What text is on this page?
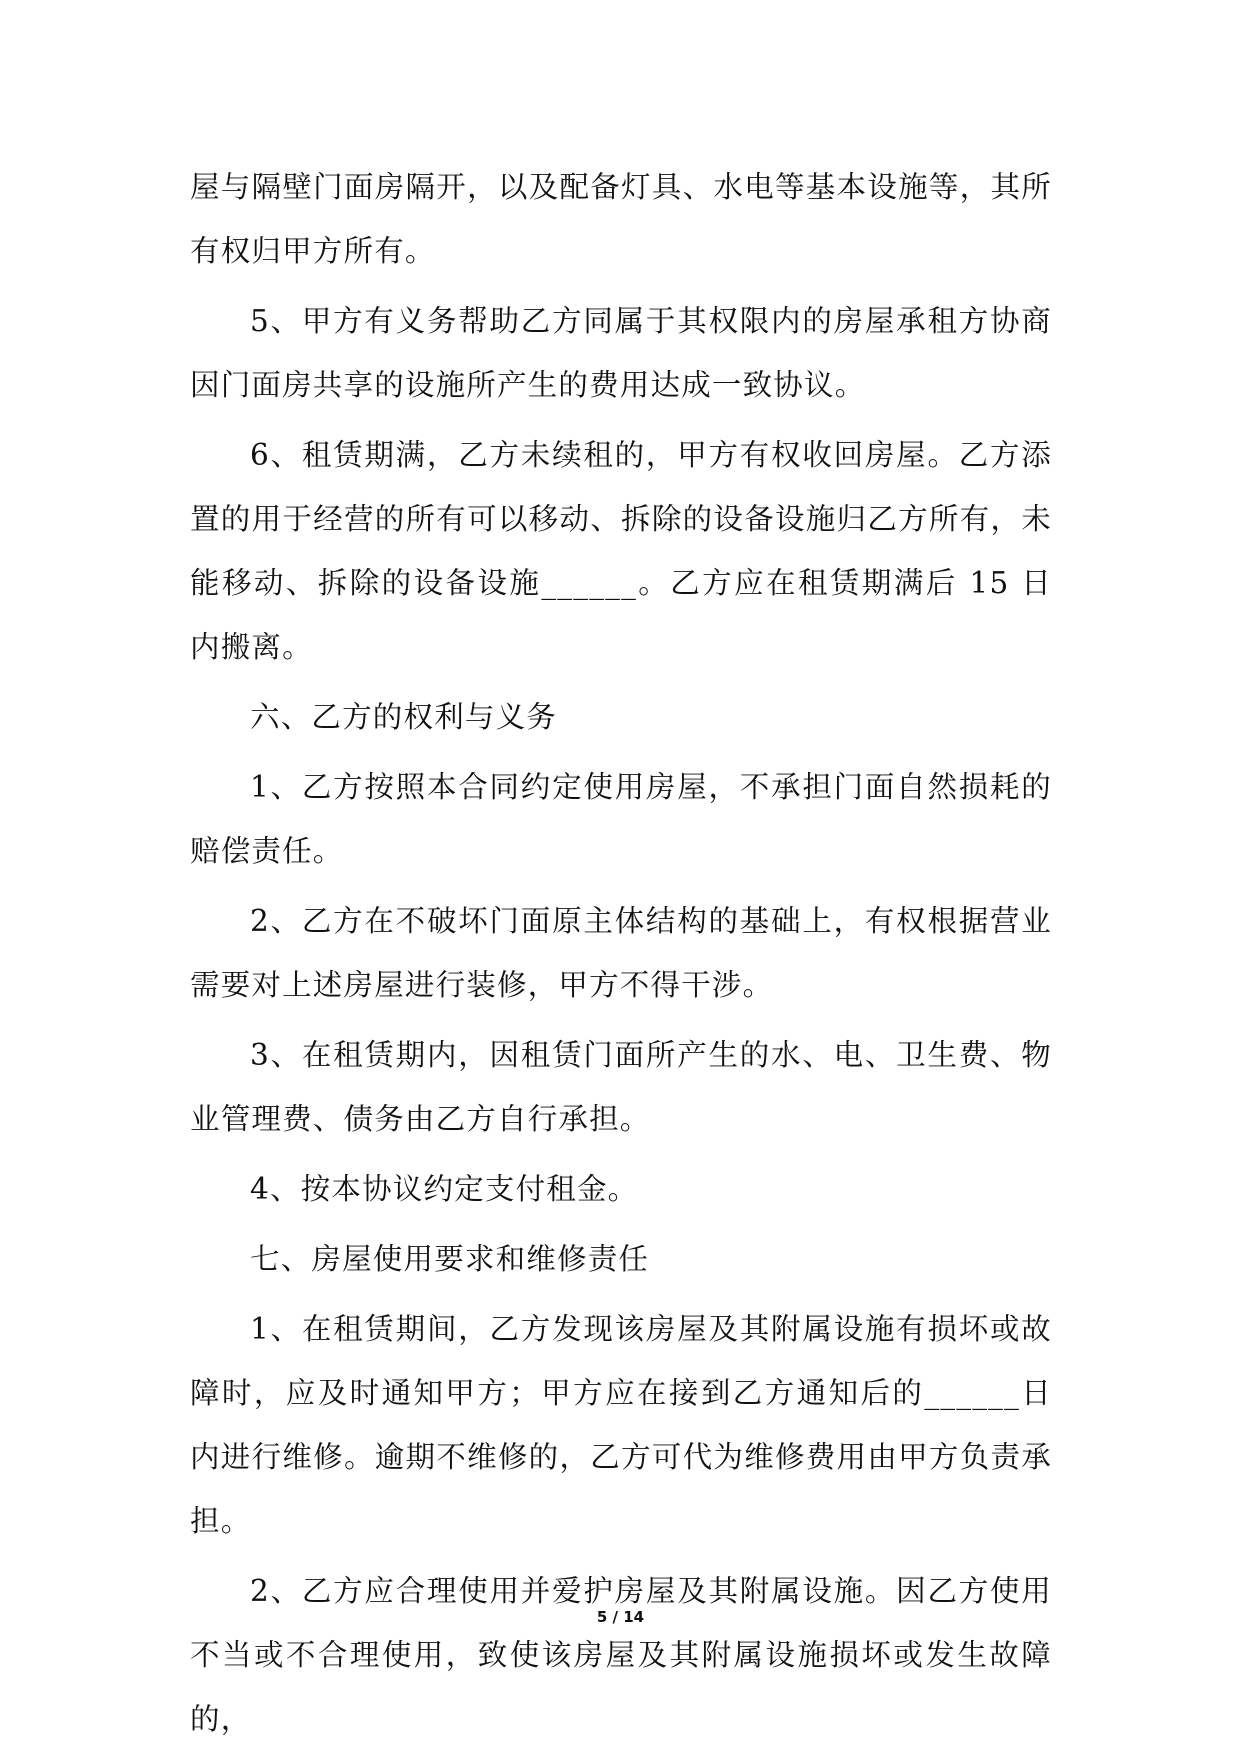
屋与隔壁门面房隔开，以及配备灯具、水电等基本设施等，其所有权归甲方所有。

5、甲方有义务帮助乙方同属于其权限内的房屋承租方协商因门面房共享的设施所产生的费用达成一致协议。

6、租赁期满，乙方未续租的，甲方有权收回房屋。乙方添置的用于经营的所有可以移动、拆除的设备设施归乙方所有，未能移动、拆除的设备设施______。乙方应在租赁期满后 15 日内搬离。

六、乙方的权利与义务

1、乙方按照本合同约定使用房屋，不承担门面自然损耗的赔偿责任。

2、乙方在不破坏门面原主体结构的基础上，有权根据营业需要对上述房屋进行装修，甲方不得干涉。

3、在租赁期内，因租赁门面所产生的水、电、卫生费、物业管理费、债务由乙方自行承担。

4、按本协议约定支付租金。

七、房屋使用要求和维修责任

1、在租赁期间，乙方发现该房屋及其附属设施有损坏或故障时，应及时通知甲方；甲方应在接到乙方通知后的______日内进行维修。逾期不维修的，乙方可代为维修费用由甲方负责承担。

2、乙方应合理使用并爱护房屋及其附属设施。因乙方使用不当或不合理使用，致使该房屋及其附属设施损坏或发生故障的，

5 / 14
